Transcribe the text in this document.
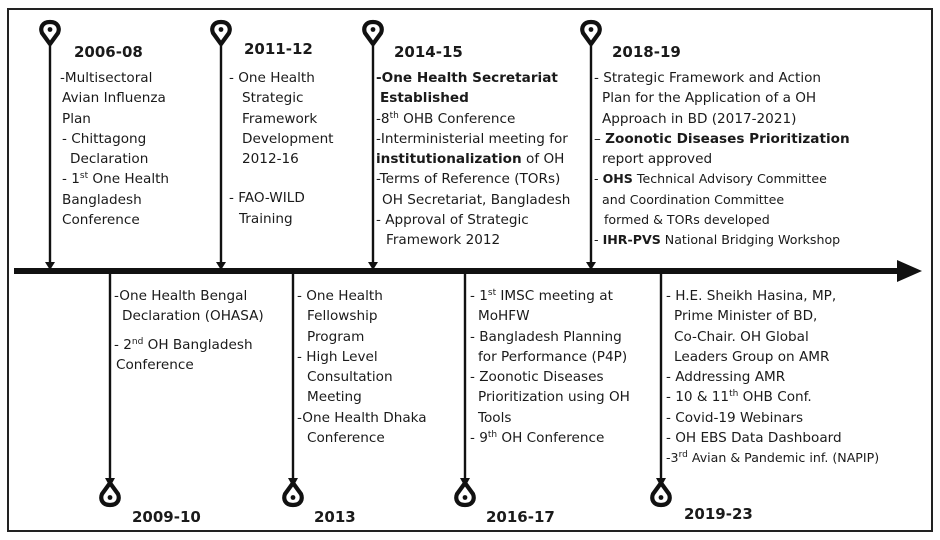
2006-08
-Multisectoral
Avian Influenza
Plan
- Chittagong
Declaration
- 1st One Health
Bangladesh
Conference
2011-12
- One Health
Strategic
Framework
Development
2012-16
- FAO-WILD
Training
2014-15
-One Health Secretariat
Established
-8th OHB Conference
-Interministerial meeting for
institutionalization of OH
-Terms of Reference (TORs)
OH Secretariat, Bangladesh
- Approval of Strategic
Framework 2012
2018-19
- Strategic Framework and Action
Plan for the Application of a OH
Approach in BD (2017-2021)
– Zoonotic Diseases Prioritization
report approved
- OHS Technical Advisory Committee
and Coordination Committee
formed & TORs developed
- IHR-PVS National Bridging Workshop
-One Health Bengal
Declaration (OHASA)
- 2nd OH Bangladesh
Conference
2009-10
- One Health
Fellowship
Program
- High Level
Consultation
Meeting
-One Health Dhaka
Conference
2013
- 1st IMSC meeting at
MoHFW
- Bangladesh Planning
for Performance (P4P)
- Zoonotic Diseases
Prioritization using OH
Tools
- 9th OH Conference
2016-17
- H.E. Sheikh Hasina, MP,
Prime Minister of BD,
Co-Chair. OH Global
Leaders Group on AMR
- Addressing AMR
- 10 & 11th OHB Conf.
- Covid-19 Webinars
- OH EBS Data Dashboard
-3rd Avian & Pandemic inf. (NAPIP)
2019-23
